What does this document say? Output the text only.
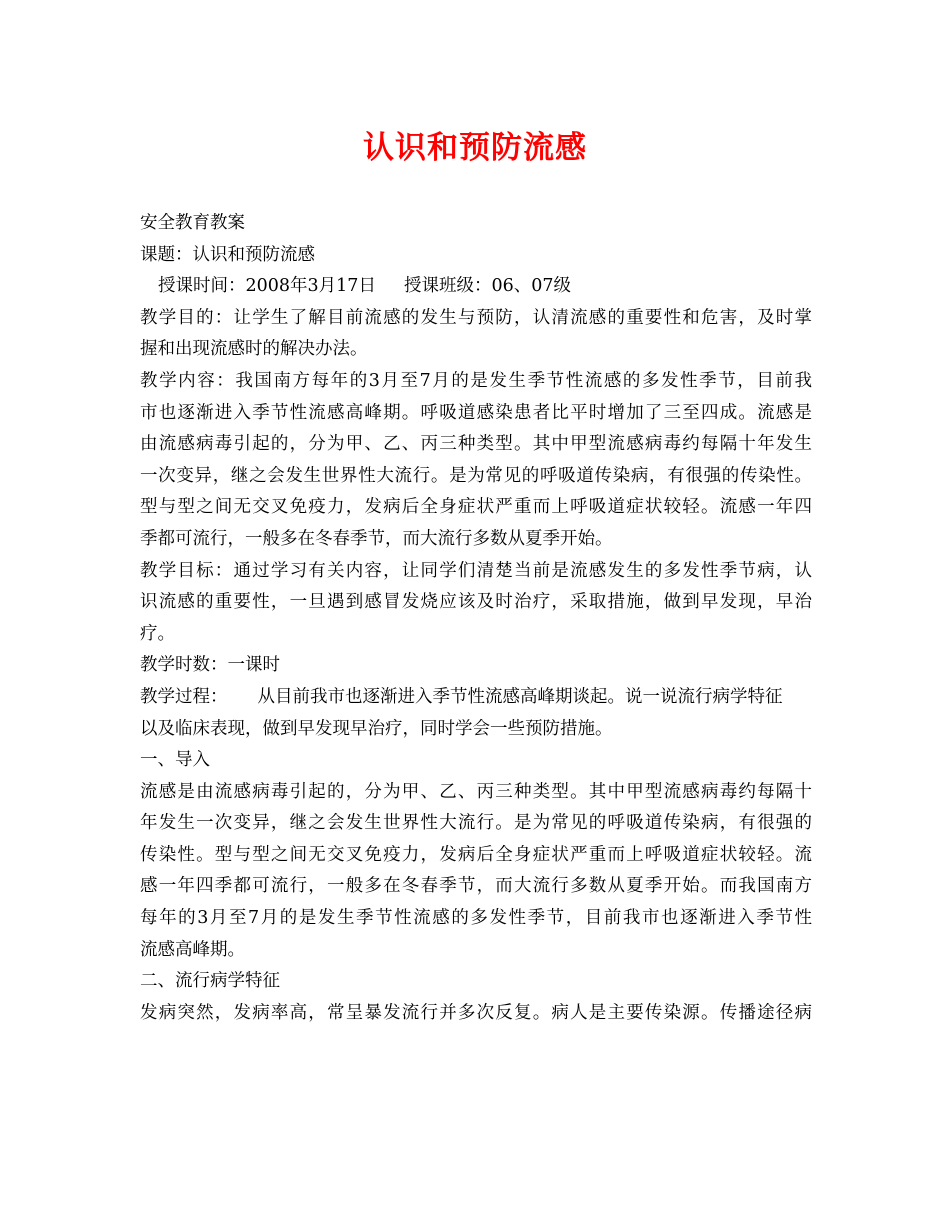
认识和预防流感
安全教育教案
课题：认识和预防流感
授课时间：2008年3月17日 授课班级：06、07级
教学目的：让学生了解目前流感的发生与预防，认清流感的重要性和危害，及时掌
握和出现流感时的解决办法。
教学内容：我国南方每年的3月至7月的是发生季节性流感的多发性季节，目前我
市也逐渐进入季节性流感高峰期。呼吸道感染患者比平时增加了三至四成。流感是
由流感病毒引起的，分为甲、乙、丙三种类型。其中甲型流感病毒约每隔十年发生
一次变异，继之会发生世界性大流行。是为常见的呼吸道传染病，有很强的传染性。
型与型之间无交叉免疫力，发病后全身症状严重而上呼吸道症状较轻。流感一年四
季都可流行，一般多在冬春季节，而大流行多数从夏季开始。
教学目标：通过学习有关内容，让同学们清楚当前是流感发生的多发性季节病，认
识流感的重要性，一旦遇到感冒发烧应该及时治疗，采取措施，做到早发现，早治
疗。
教学时数：一课时
教学过程： 从目前我市也逐渐进入季节性流感高峰期谈起。说一说流行病学特征
以及临床表现，做到早发现早治疗，同时学会一些预防措施。
一、导入
流感是由流感病毒引起的，分为甲、乙、丙三种类型。其中甲型流感病毒约每隔十
年发生一次变异，继之会发生世界性大流行。是为常见的呼吸道传染病，有很强的
传染性。型与型之间无交叉免疫力，发病后全身症状严重而上呼吸道症状较轻。流
感一年四季都可流行，一般多在冬春季节，而大流行多数从夏季开始。而我国南方
每年的3月至7月的是发生季节性流感的多发性季节，目前我市也逐渐进入季节性
流感高峰期。
二、流行病学特征
发病突然，发病率高，常呈暴发流行并多次反复。病人是主要传染源。传播途径病
